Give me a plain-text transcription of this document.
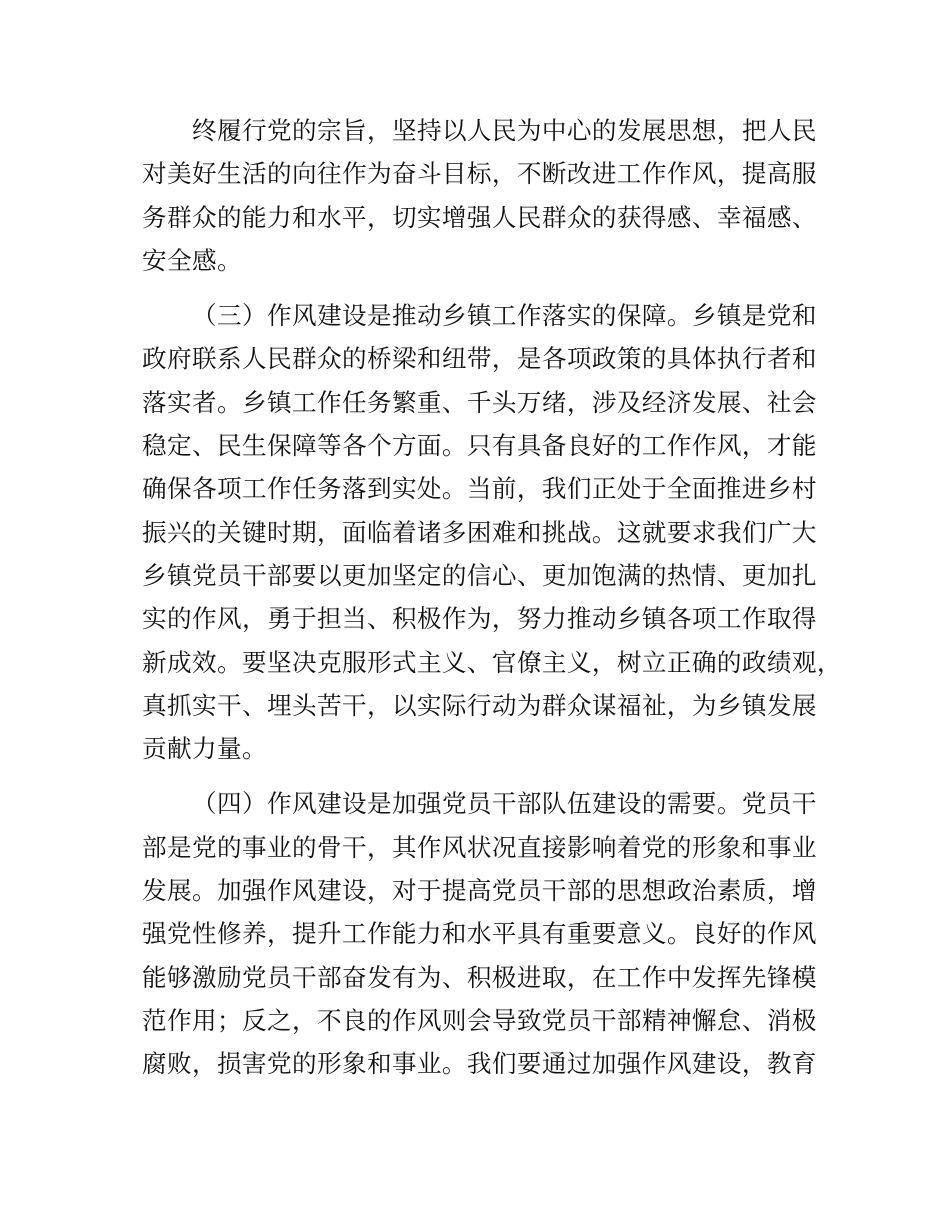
终履行党的宗旨，坚持以人民为中心的发展思想，把人民
对美好生活的向往作为奋斗目标，不断改进工作作风，提高服
务群众的能力和水平，切实增强人民群众的获得感、幸福感、
安全感。

（三）作风建设是推动乡镇工作落实的保障。乡镇是党和
政府联系人民群众的桥梁和纽带，是各项政策的具体执行者和
落实者。乡镇工作任务繁重、千头万绪，涉及经济发展、社会
稳定、民生保障等各个方面。只有具备良好的工作作风，才能
确保各项工作任务落到实处。当前，我们正处于全面推进乡村
振兴的关键时期，面临着诸多困难和挑战。这就要求我们广大
乡镇党员干部要以更加坚定的信心、更加饱满的热情、更加扎
实的作风，勇于担当、积极作为，努力推动乡镇各项工作取得
新成效。要坚决克服形式主义、官僚主义，树立正确的政绩观，
真抓实干、埋头苦干，以实际行动为群众谋福祉，为乡镇发展
贡献力量。

（四）作风建设是加强党员干部队伍建设的需要。党员干
部是党的事业的骨干，其作风状况直接影响着党的形象和事业
发展。加强作风建设，对于提高党员干部的思想政治素质，增
强党性修养，提升工作能力和水平具有重要意义。良好的作风
能够激励党员干部奋发有为、积极进取，在工作中发挥先锋模
范作用；反之，不良的作风则会导致党员干部精神懈怠、消极
腐败，损害党的形象和事业。我们要通过加强作风建设，教育
